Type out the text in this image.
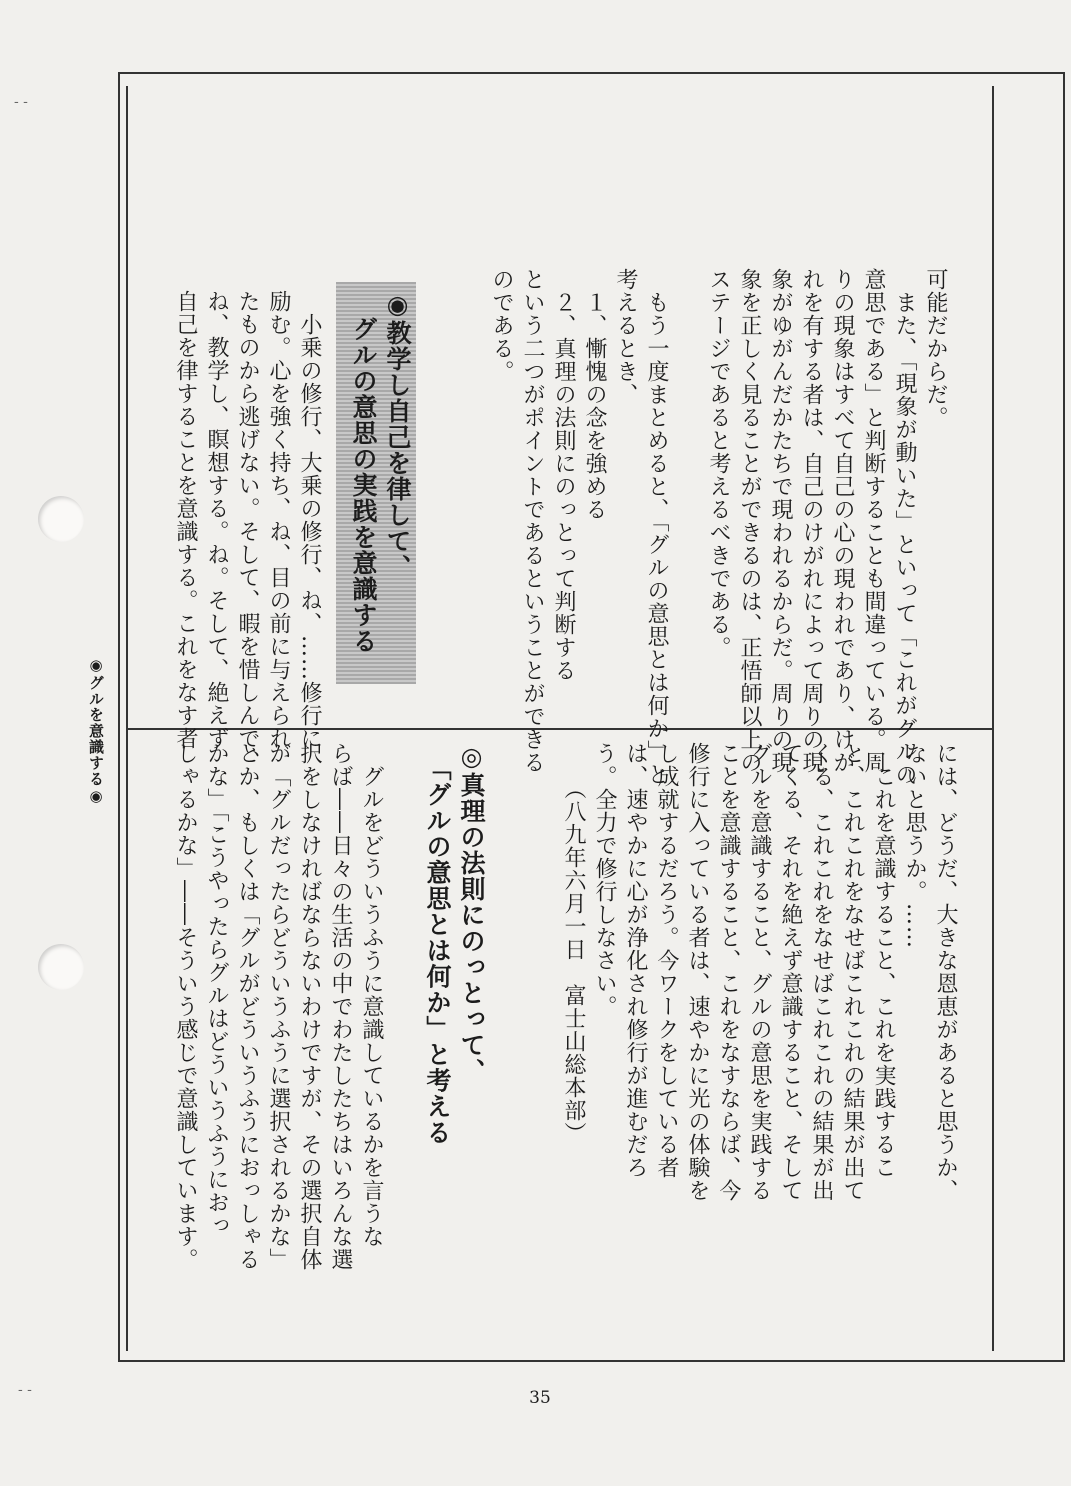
- -
- -
◉グルを意識する◉
可能だからだ。
　また、「現象が動いた」といって「これがグルの
意思である」と判断することも間違っている。周
りの現象はすべて自己の心の現われであり、けが
れを有する者は、自己のけがれによって周りの現
象がゆがんだかたちで現われるからだ。周りの現
象を正しく見ることができるのは、正悟師以上の
ステージであると考えるべきである。

　もう一度まとめると、「グルの意思とは何か」と
考えるとき、
　１、慚愧の念を強める
　２、真理の法則にのっとって判断する
という二つがポイントであるということができる
のである。
◉教学し自己を律して、
　グルの意思の実践を意識する
　小乗の修行、大乗の修行、ね、……修行に
励む。心を強く持ち、ね、目の前に与えられ
たものから逃げない。そして、暇を惜しんで、
ね、教学し、瞑想する。ね。そして、絶えず
自己を律することを意識する。これをなす者
には、どうだ、大きな恩恵があると思うか、
ないと思うか。……
　これを意識すること、これを実践するこ
と、これこれをなせばこれこれの結果が出て
くる、これこれをなせばこれこれの結果が出
てくる、それを絶えず意識すること、そして
グルを意識すること、グルの意思を実践する
ことを意識すること、これをなすならば、今
修行に入っている者は、速やかに光の体験を
し成就するだろう。今ワークをしている者
は、速やかに心が浄化され修行が進むだろ
う。全力で修行しなさい。
　　（八九年六月一日　富士山総本部）
◎真理の法則にのっとって、
　「グルの意思とは何か」と考える
　グルをどういうふうに意識しているかを言うな
らば――日々の生活の中でわたしたちはいろんな選
択をしなければならないわけですが、その選択自体
が「グルだったらどういうふうに選択されるかな」
とか、もしくは「グルがどういうふうにおっしゃる
かな」「こうやったらグルはどういうふうにおっ
しゃるかな」――そういう感じで意識しています。
35
